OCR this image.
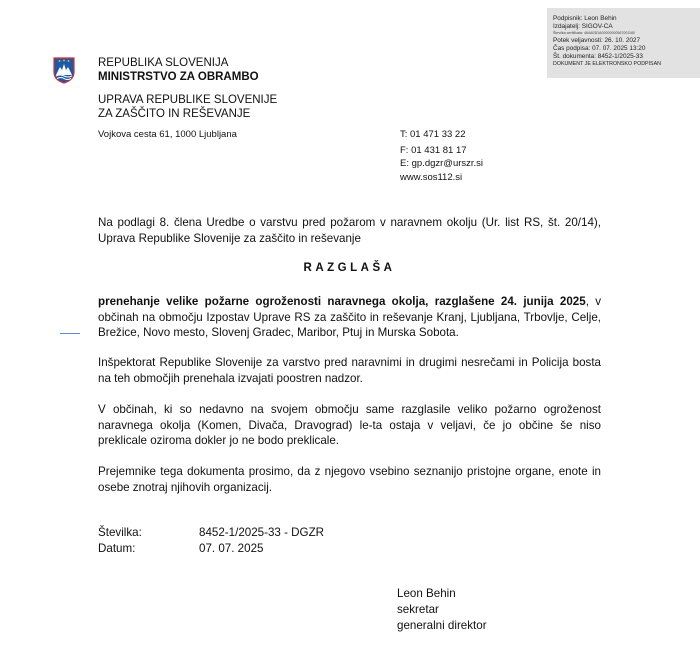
Podpisnik: Leon Behin
Izdajatelj: SIGOV-CA
Številka certifikata: 464A03DA00000000567001180
Potek veljavnosti: 26. 10. 2027
Čas podpisa: 07. 07. 2025 13:20
Št. dokumenta: 8452-1/2025-33
DOKUMENT JE ELEKTRONSKO PODPISAN
REPUBLIKA SLOVENIJA
MINISTRSTVO ZA OBRAMBO
UPRAVA REPUBLIKE SLOVENIJE
ZA ZAŠČITO IN REŠEVANJE
Vojkova cesta 61, 1000 Ljubljana	T: 01 471 33 22
F: 01 431 81 17
E: gp.dgzr@urszr.si
www.sos112.si
Na podlagi 8. člena Uredbe o varstvu pred požarom v naravnem okolju (Ur. list RS, št. 20/14), Uprava Republike Slovenije za zaščito in reševanje
RAZGLAŠA
prenehanje velike požarne ogroženosti naravnega okolja, razglašene 24. junija 2025, v občinah na območju Izpostav Uprave RS za zaščito in reševanje Kranj, Ljubljana, Trbovlje, Celje, Brežice, Novo mesto, Slovenj Gradec, Maribor, Ptuj in Murska Sobota.
Inšpektorat Republike Slovenije za varstvo pred naravnimi in drugimi nesrečami in Policija bosta na teh območjih prenehala izvajati poostren nadzor.
V občinah, ki so nedavno na svojem območju same razglasile veliko požarno ogroženost naravnega okolja (Komen, Divača, Dravograd) le-ta ostaja v veljavi, če jo občine še niso preklicale oziroma dokler jo ne bodo preklicale.
Prejemnike tega dokumenta prosimo, da z njegovo vsebino seznanijo pristojne organe, enote in osebe znotraj njihovih organizacij.
Številka:	8452-1/2025-33 - DGZR
Datum:	07. 07. 2025
Leon Behin
sekretar
generalni direktor
